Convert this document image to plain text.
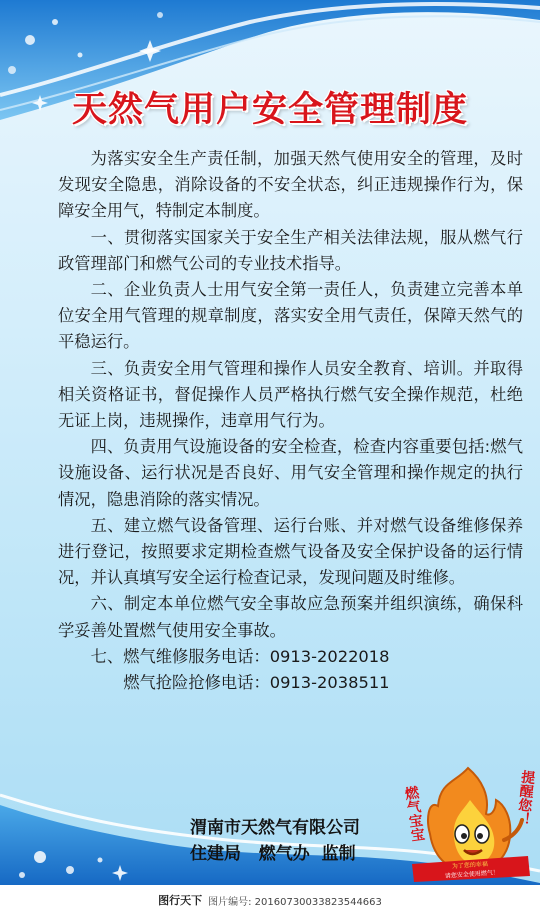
天然气用户安全管理制度

为落实安全生产责任制，加强天然气使用安全的管理，及时发现安全隐患，消除设备的不安全状态，纠正违规操作行为，保障安全用气，特制定本制度。

一、贯彻落实国家关于安全生产相关法律法规，服从燃气行政管理部门和燃气公司的专业技术指导。

二、企业负责人士用气安全第一责任人，负责建立完善本单位安全用气管理的规章制度，落实安全用气责任，保障天然气的平稳运行。

三、负责安全用气管理和操作人员安全教育、培训。并取得相关资格证书，督促操作人员严格执行燃气安全操作规范，杜绝无证上岗，违规操作，违章用气行为。

四、负责用气设施设备的安全检查，检查内容重要包括:燃气设施设备、运行状况是否良好、用气安全管理和操作规定的执行情况，隐患消除的落实情况。

五、建立燃气设备管理、运行台账、并对燃气设备维修保养进行登记，按照要求定期检查燃气设备及安全保护设备的运行情况，并认真填写安全运行检查记录，发现问题及时维修。

六、制定本单位燃气安全事故应急预案并组织演练，确保科学妥善处置燃气使用安全事故。

七、燃气维修服务电话：0913-2022018

燃气抢险抢修电话：0913-2038511

渭南市天然气有限公司
住建局   燃气办  监制
为了您的幸福
请您安全使用燃气！
燃气宝宝	提醒您！
图行天下 图片编号: 20160730033823544663
